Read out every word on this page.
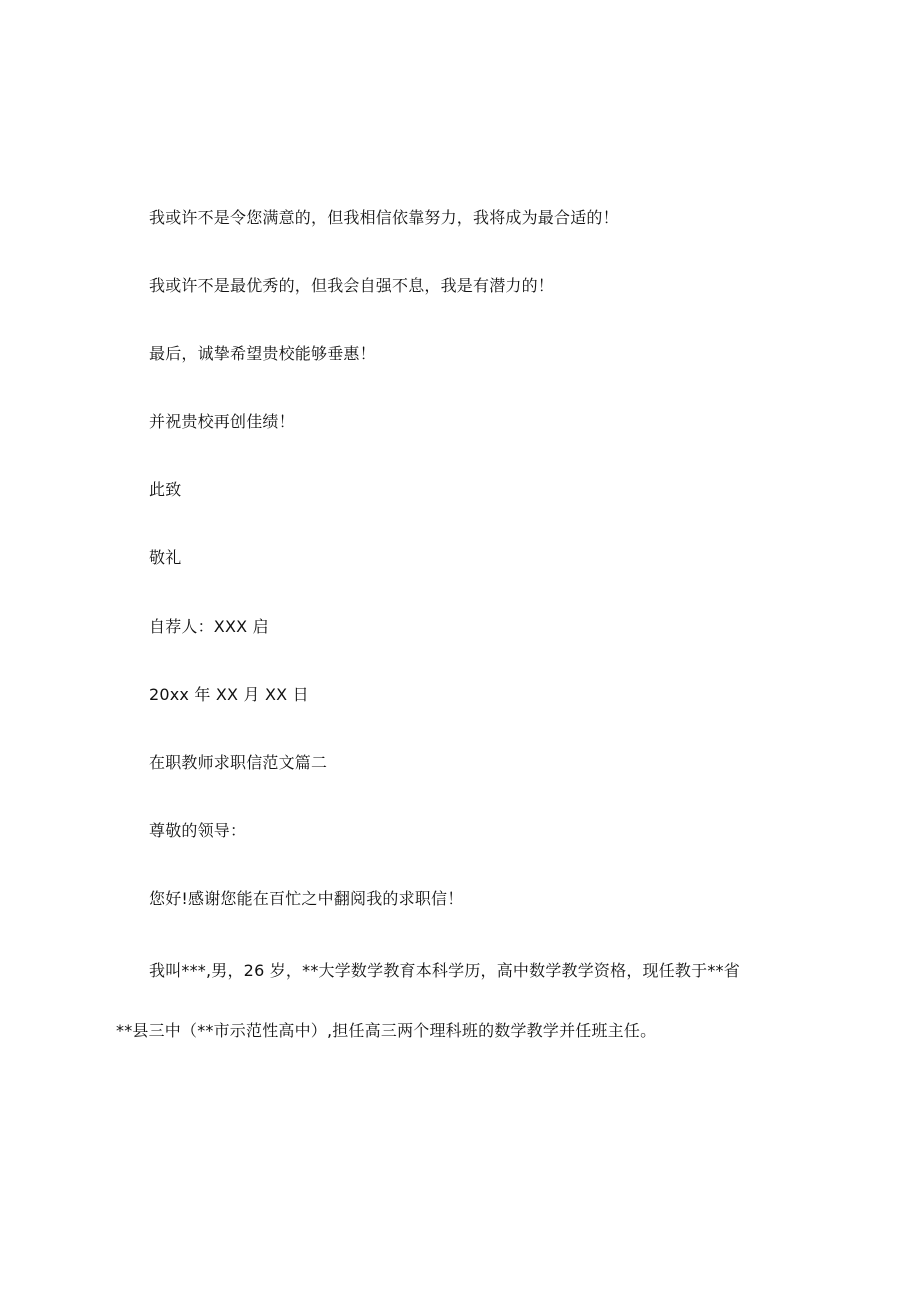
我或许不是令您满意的，但我相信依靠努力，我将成为最合适的！
我或许不是最优秀的，但我会自强不息，我是有潜力的！
最后，诚挚希望贵校能够垂惠！
并祝贵校再创佳绩！
此致
敬礼
自荐人：XXX 启
20xx 年 XX 月 XX 日
在职教师求职信范文篇二
尊敬的领导：
您好!感谢您能在百忙之中翻阅我的求职信！
我叫***,男，26 岁，**大学数学教育本科学历，高中数学教学资格，现任教于**省
**县三中（**市示范性高中）,担任高三两个理科班的数学教学并任班主任。
